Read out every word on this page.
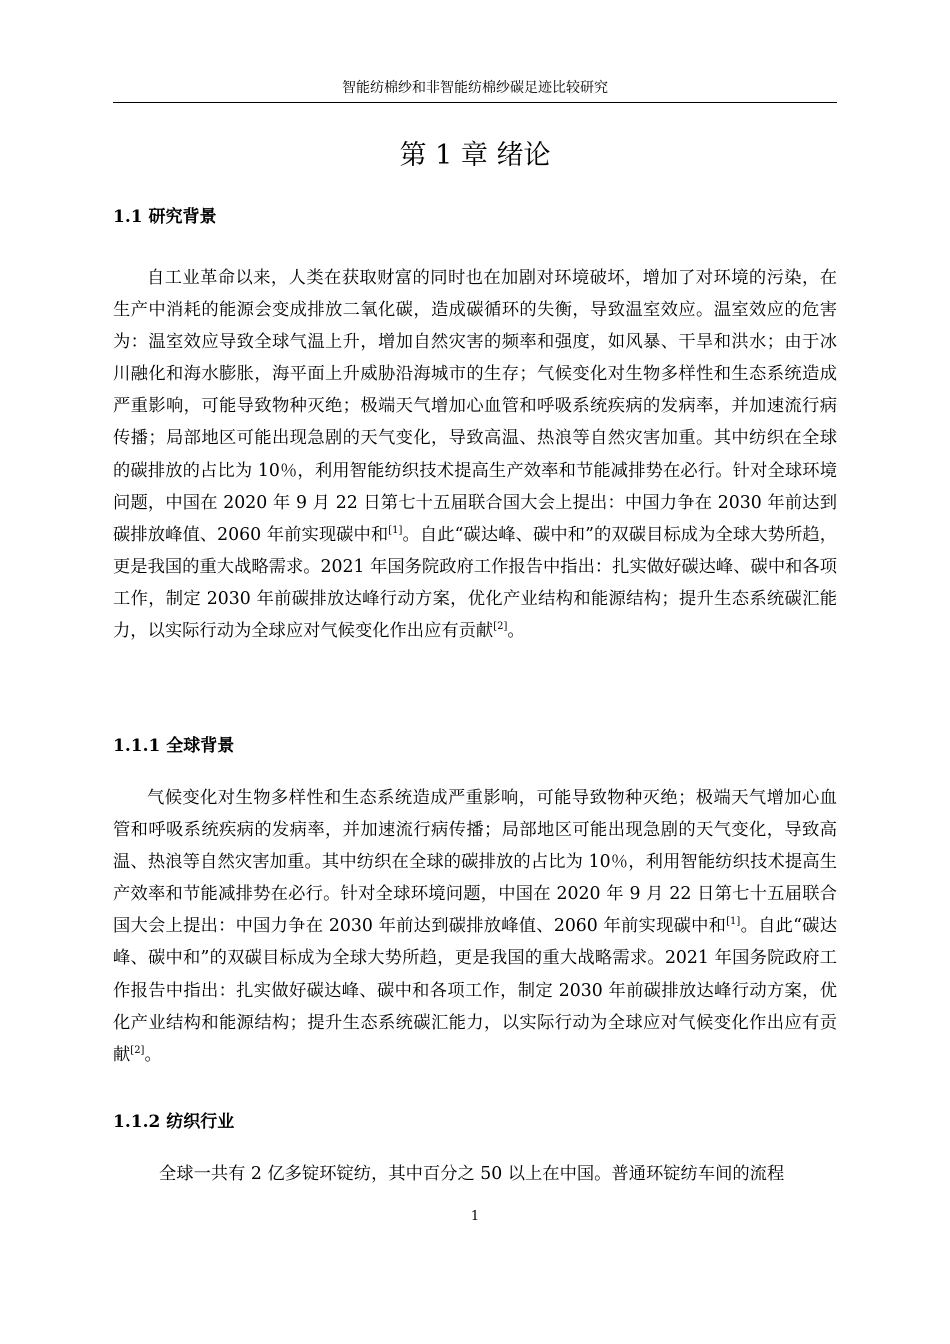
智能纺棉纱和非智能纺棉纱碳足迹比较研究
第 1 章 绪论
1.1 研究背景

自工业革命以来，人类在获取财富的同时也在加剧对环境破坏，增加了对环境的污染，在生产中消耗的能源会变成排放二氧化碳，造成碳循环的失衡，导致温室效应。温室效应的危害为：温室效应导致全球气温上升，增加自然灾害的频率和强度，如风暴、干旱和洪水；由于冰川融化和海水膨胀，海平面上升威胁沿海城市的生存；气候变化对生物多样性和生态系统造成严重影响，可能导致物种灭绝；极端天气增加心血管和呼吸系统疾病的发病率，并加速流行病传播；局部地区可能出现急剧的天气变化，导致高温、热浪等自然灾害加重。其中纺织在全球的碳排放的占比为 10％，利用智能纺织技术提高生产效率和节能减排势在必行。针对全球环境问题，中国在 2020 年 9 月 22 日第七十五届联合国大会上提出：中国力争在 2030 年前达到碳排放峰值、2060 年前实现碳中和[1]。自此“碳达峰、碳中和”的双碳目标成为全球大势所趋，更是我国的重大战略需求。2021 年国务院政府工作报告中指出：扎实做好碳达峰、碳中和各项工作，制定 2030 年前碳排放达峰行动方案，优化产业结构和能源结构；提升生态系统碳汇能力，以实际行动为全球应对气候变化作出应有贡献[2]。

1.1.1 全球背景

气候变化对生物多样性和生态系统造成严重影响，可能导致物种灭绝；极端天气增加心血管和呼吸系统疾病的发病率，并加速流行病传播；局部地区可能出现急剧的天气变化，导致高温、热浪等自然灾害加重。其中纺织在全球的碳排放的占比为 10％，利用智能纺织技术提高生产效率和节能减排势在必行。针对全球环境问题，中国在 2020 年 9 月 22 日第七十五届联合国大会上提出：中国力争在 2030 年前达到碳排放峰值、2060 年前实现碳中和[1]。自此“碳达峰、碳中和”的双碳目标成为全球大势所趋，更是我国的重大战略需求。2021 年国务院政府工作报告中指出：扎实做好碳达峰、碳中和各项工作，制定 2030 年前碳排放达峰行动方案，优化产业结构和能源结构；提升生态系统碳汇能力，以实际行动为全球应对气候变化作出应有贡献[2]。

1.1.2 纺织行业

全球一共有 2 亿多锭环锭纺，其中百分之 50 以上在中国。普通环锭纺车间的流程

1
